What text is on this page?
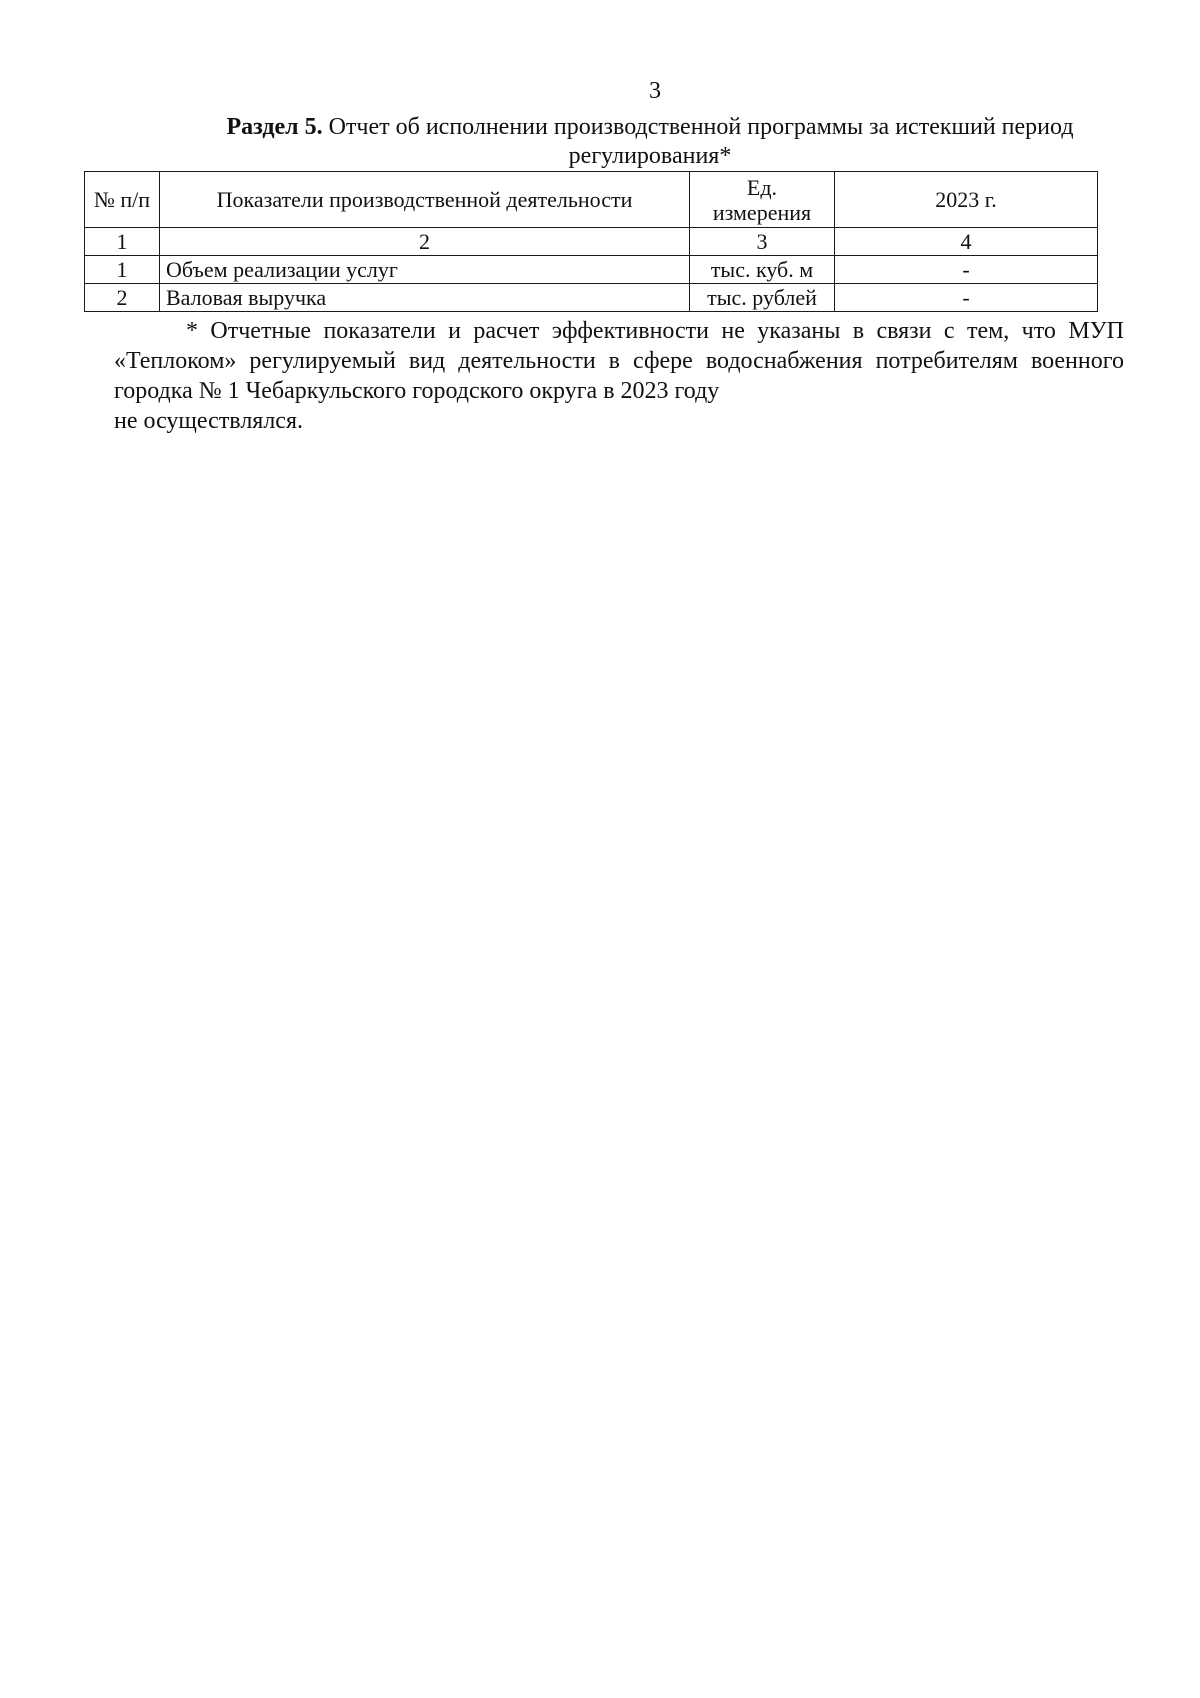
3
Раздел 5. Отчет об исполнении производственной программы за истекший период регулирования*
№ п/п	Показатели производственной деятельности	Ед. измерения	2023 г.
1	2	3	4
1	Объем реализации услуг	тыс. куб. м	-
2	Валовая выручка	тыс. рублей	-

* Отчетные показатели и расчет эффективности не указаны в связи с тем, что МУП «Теплоком» регулируемый вид деятельности в сфере водоснабжения потребителям военного городка № 1 Чебаркульского городского округа в 2023 году

не осуществлялся.
